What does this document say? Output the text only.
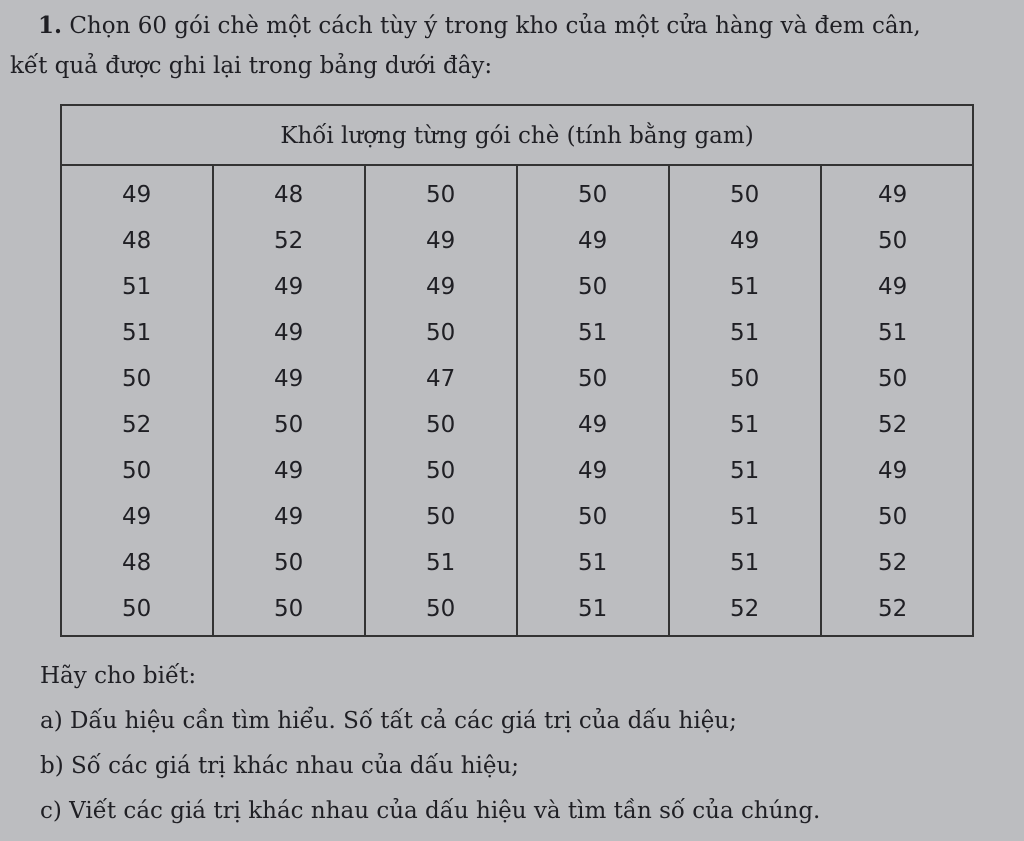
1. Chọn 60 gói chè một cách tùy ý trong kho của một cửa hàng và đem cân,
kết quả được ghi lại trong bảng dưới đây:
Khối lượng từng gói chè (tính bằng gam)
49
48
51
51
50
52
50
49
48
50
48
52
49
49
49
50
49
49
50
50
50
49
49
50
47
50
50
50
51
50
50
49
50
51
50
49
49
50
51
51
50
49
51
51
50
51
51
51
51
52
49
50
49
51
50
52
49
50
52
52
Hãy cho biết:
a) Dấu hiệu cần tìm hiểu. Số tất cả các giá trị của dấu hiệu;
b) Số các giá trị khác nhau của dấu hiệu;
c) Viết các giá trị khác nhau của dấu hiệu và tìm tần số của chúng.
